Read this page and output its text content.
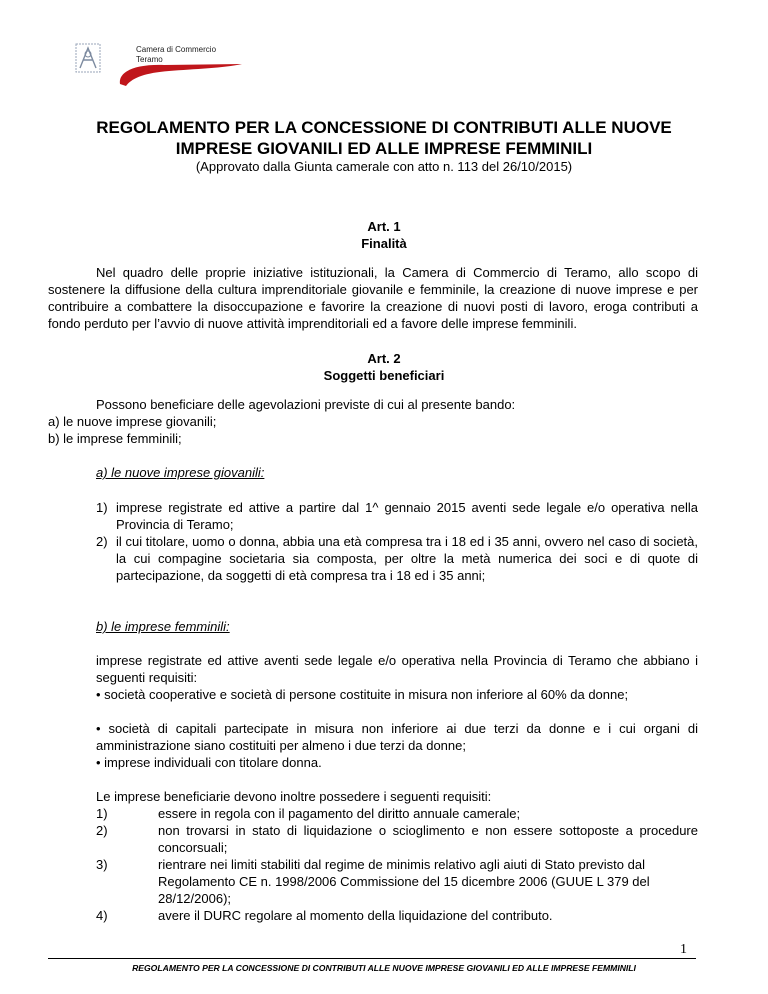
Camera di Commercio
Teramo
REGOLAMENTO PER LA CONCESSIONE DI CONTRIBUTI ALLE NUOVE
IMPRESE GIOVANILI ED ALLE IMPRESE FEMMINILI
(Approvato dalla Giunta camerale con atto n. 113 del 26/10/2015)
Art. 1
Finalità
Nel quadro delle proprie iniziative istituzionali, la Camera di Commercio di Teramo, allo scopo di sostenere la diffusione della cultura imprenditoriale giovanile e femminile, la creazione di nuove imprese e per contribuire a combattere la disoccupazione e favorire la creazione di nuovi posti di lavoro, eroga contributi a fondo perduto per l’avvio di nuove attività imprenditoriali ed a favore delle imprese femminili.
Art. 2
Soggetti beneficiari
Possono beneficiare delle agevolazioni previste di cui al presente bando:
a) le nuove imprese giovanili;
b) le imprese femminili;
a) le nuove imprese giovanili:
1) imprese registrate ed attive a partire dal 1^ gennaio 2015 aventi sede legale e/o operativa nella Provincia di Teramo;
2) il cui titolare, uomo o donna, abbia una età compresa tra i 18 ed i 35 anni, ovvero nel caso di società, la cui compagine societaria sia composta, per oltre la metà numerica dei soci e di quote di partecipazione, da soggetti di età compresa tra i 18 ed i 35 anni;
b) le imprese femminili:
imprese registrate ed attive aventi sede legale e/o operativa nella Provincia di Teramo che abbiano i seguenti requisiti:
• società cooperative e società di persone costituite in misura non inferiore al 60% da donne;
• società di capitali partecipate in misura non inferiore ai due terzi da donne e i cui organi di amministrazione siano costituiti per almeno i due terzi da donne;
• imprese individuali con titolare donna.
Le imprese beneficiarie devono inoltre possedere i seguenti requisiti:
1)	essere in regola con il pagamento del diritto annuale camerale;
2)	non trovarsi in stato di liquidazione o scioglimento e non essere sottoposte a procedure concorsuali;
3)	rientrare nei limiti stabiliti dal regime de minimis relativo agli aiuti di Stato previsto dal Regolamento CE n. 1998/2006 Commissione del 15 dicembre 2006 (GUUE L 379 del 28/12/2006);
4)	avere il DURC regolare al momento della liquidazione del contributo.
1
REGOLAMENTO PER LA CONCESSIONE DI CONTRIBUTI ALLE NUOVE IMPRESE GIOVANILI ED ALLE IMPRESE FEMMINILI
